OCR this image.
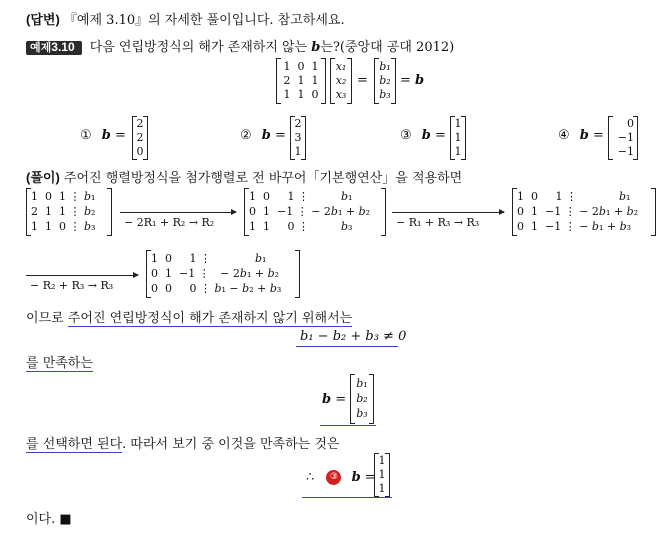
(답변) 『예제 3.10』의 자세한 풀이입니다. 참고하세요.
예제3.10 다음 연립방정식의 해가 존재하지 않는 b는?(중앙대 공대 2012)
1 0 1
2 1 1
1 1 0
x₁
x₂
x₃
=
b₁
b₂
b₃
= b
① b =
2
2
0
② b =
2
3
1
③ b =
1
1
1
④ b =
0
−1
−1
(풀이) 주어진 행렬방정식을 첨가행렬로 전 바꾸어「기본행연산」을 적용하면
1  0  1 ⋮ b₁
2  1  1 ⋮ b₂
1  1  0 ⋮ b₃	− 2R₁ + R₂ → R₂
1  0     1 ⋮	b₁
0  1  −1 ⋮ − 2b₁ + b₂
1  1     0 ⋮	b₃	− R₁ + R₃ → R₃
1  0     1 ⋮	b₁
0  1  −1 ⋮ − 2b₁ + b₂
0  1  −1 ⋮ − b₁ + b₃
− R₂ + R₃ → R₃
1  0     1 ⋮	b₁
0  1  −1 ⋮   − 2b₁ + b₂
0  0     0 ⋮ b₁ − b₂ + b₃
이므로 주어진 연립방정식이 해가 존재하지 않기 위해서는
b₁ − b₂ + b₃ ≠ 0
를 만족하는
b =
b₁
b₂
b₃
를 선택하면 된다. 따라서 보기 중 이것을 만족하는 것은
∴ ③ b =
1
1
1
이다. ■
